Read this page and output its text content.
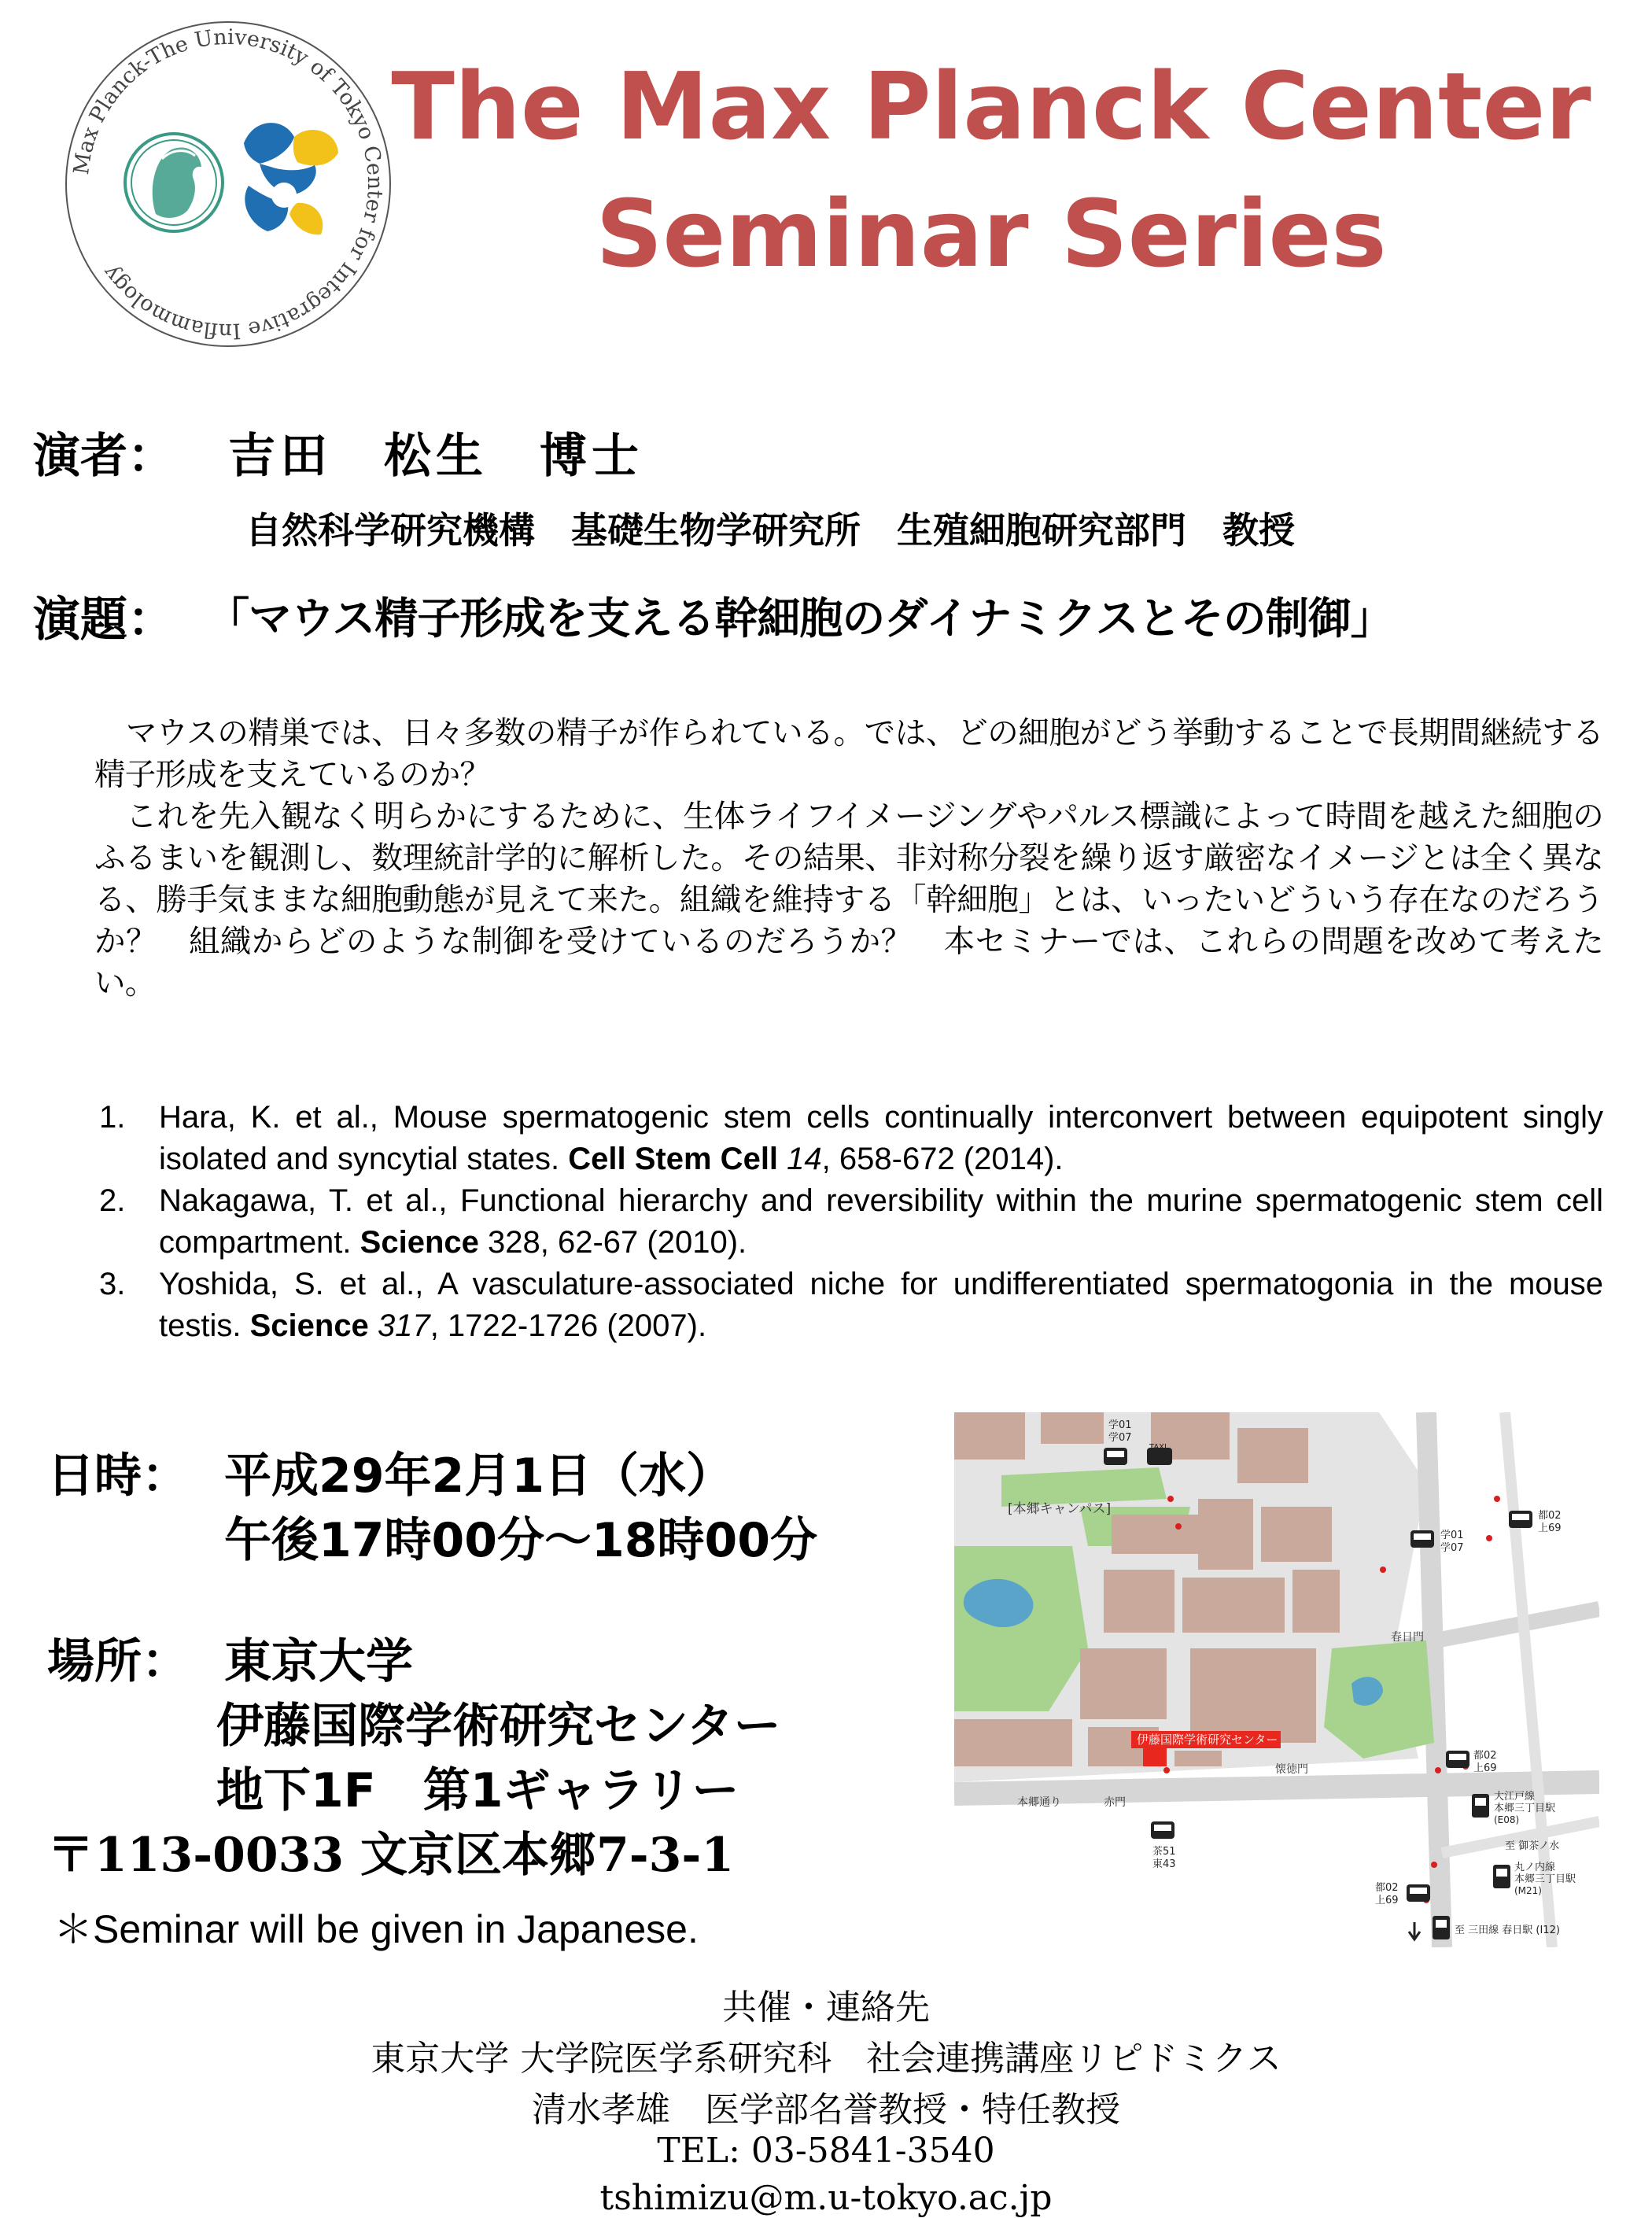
Max Planck-The University of Tokyo Center for Integrative Inflammology
The Max Planck Center
Seminar Series
演者： 吉田　松生　博士
自然科学研究機構　基礎生物学研究所　生殖細胞研究部門　教授
演題： 「マウス精子形成を支える幹細胞のダイナミクスとその制御」

マウスの精巣では、日々多数の精子が作られている。では、どの細胞がどう挙動することで長期間継続する精子形成を支えているのか？

これを先入観なく明らかにするために、生体ライフイメージングやパルス標識によって時間を越えた細胞のふるまいを観測し、数理統計学的に解析した。その結果、非対称分裂を繰り返す厳密なイメージとは全く異なる、勝手気ままな細胞動態が見えて来た。組織を維持する「幹細胞」とは、いったいどういう存在なのだろうか？　組織からどのような制御を受けているのだろうか？　本セミナーでは、これらの問題を改めて考えたい。

1. Hara, K. et al., Mouse spermatogenic stem cells continually interconvert between equipotent singly isolated and syncytial states. Cell Stem Cell 14, 658-672 (2014).
2. Nakagawa, T. et al., Functional hierarchy and reversibility within the murine spermatogenic stem cell compartment. Science 328, 62-67 (2010).
3. Yoshida, S. et al., A vasculature-associated niche for undifferentiated spermatogonia in the mouse testis. Science 317, 1722-1726 (2007).
日時： 平成29年2月1日（水）
午後17時00分～18時00分
場所： 東京大学
伊藤国際学術研究センター
地下1F　第1ギャラリー
〒113-0033 文京区本郷7-3-1
＊Seminar will be given in Japanese.
伊藤国際学術研究センター
[本郷キャンパス]
本郷通り	赤門
春日門
懐徳門
学01
学07
TAXI
学01
学07
都02
上69
都02
上69
茶51
東43
都02
上69
大江戸線
本郷三丁目駅
(E08)
至 御茶ノ水
丸ノ内線
本郷三丁目駅
(M21)
至 三田線 春日駅 (I12)
共催・連絡先
東京大学 大学院医学系研究科　社会連携講座リピドミクス
清水孝雄　医学部名誉教授・特任教授
TEL: 03-5841-3540
tshimizu@m.u-tokyo.ac.jp
